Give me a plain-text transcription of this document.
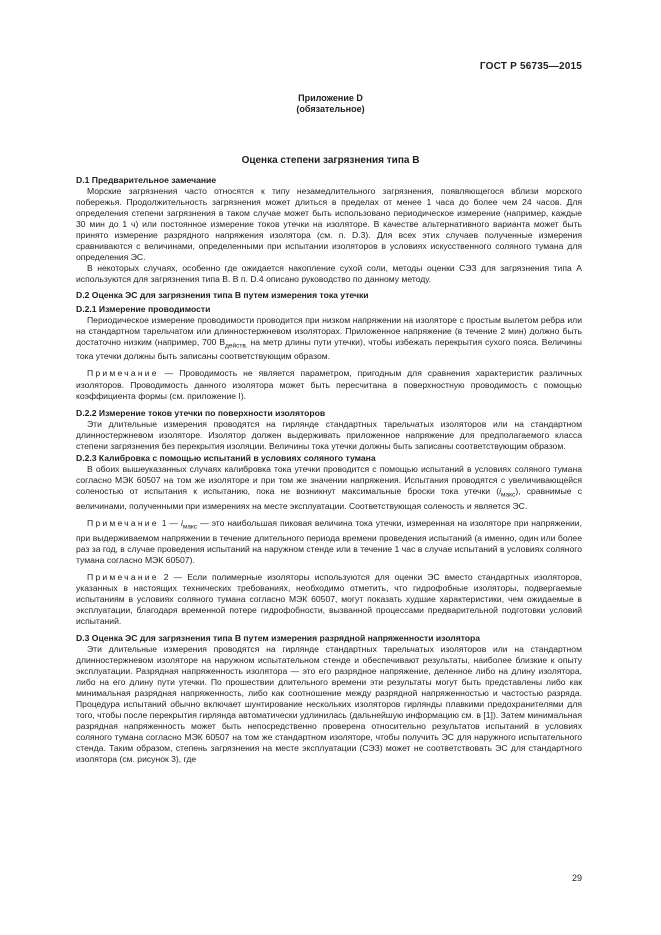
ГОСТ Р 56735—2015
Приложение D
(обязательное)
Оценка степени загрязнения типа В
D.1 Предварительное замечание

Морские загрязнения часто относятся к типу незамедлительного загрязнения, появляющегося вблизи морского побережья. Продолжительность загрязнения может длиться в пределах от менее 1 часа до более чем 24 часов. Для определения степени загрязнения в таком случае может быть использовано периодическое измерение (например, каждые 30 мин до 1 ч) или постоянное измерение токов утечки на изоляторе. В качестве альтернативного варианта может быть принято измерение разрядного напряжения изолятора (см. п. D.3). Для всех этих случаев полученные измерения сравниваются с величинами, определенными при испытании изоляторов в условиях искусственного соляного тумана для определения ЭС.

В некоторых случаях, особенно где ожидается накопление сухой соли, методы оценки СЭЗ для загрязнения типа А используются для загрязнения типа В. В п. D.4 описано руководство по данному методу.

D.2 Оценка ЭС для загрязнения типа В путем измерения тока утечки
D.2.1 Измерение проводимости

Периодическое измерение проводимости проводится при низком напряжении на изоляторе с простым вылетом ребра или на стандартном тарельчатом или длинностержневом изоляторах. Приложенное напряжение (в течение 2 мин) должно быть достаточно низким (например, 700 $В_{действ.}$ на метр длины пути утечки), чтобы избежать перекрытия сухого пояса. Величины тока утечки должны быть записаны соответствующим образом.

Примечание — Проводимость не является параметром, пригодным для сравнения характеристик различных изоляторов. Проводимость данного изолятора может быть пересчитана в поверхностную проводимость с помощью коэффициента формы (см. приложение I).

D.2.2 Измерение токов утечки по поверхности изоляторов

Эти длительные измерения проводятся на гирлянде стандартных тарельчатых изоляторов или на стандартном длинностержневом изоляторе. Изолятор должен выдерживать приложенное напряжение для предполагаемого класса степени загрязнения без перекрытия изоляции. Величины тока утечки должны быть записаны соответствующим образом.

D.2.3 Калибровка с помощью испытаний в условиях соляного тумана

В обоих вышеуказанных случаях калибровка тока утечки проводится с помощью испытаний в условиях соляного тумана согласно МЭК 60507 на том же изоляторе и при том же значении напряжения. Испытания проводятся с увеличивающейся соленостью от испытания к испытанию, пока не возникнут максимальные броски тока утечки $(i_{макс})$, сравнимые с величинами, полученными при измерениях на месте эксплуатации. Соответствующая соленость и является ЭС.

Примечание 1 — $i_{макс}$ — это наибольшая пиковая величина тока утечки, измеренная на изоляторе при напряжении, при выдерживаемом напряжении в течение длительного периода времени проведения испытаний (а именно, один или более раз за год, в случае проведения испытаний на наружном стенде или в течение 1 час в случае испытаний в условиях соляного тумана согласно МЭК 60507).

Примечание 2 — Если полимерные изоляторы используются для оценки ЭС вместо стандартных изоляторов, указанных в настоящих технических требованиях, необходимо отметить, что гидрофобные изоляторы, подвергаемые испытаниям в условиях соляного тумана согласно МЭК 60507, могут показать худшие характеристики, чем ожидаемые в эксплуатации, благодаря временной потере гидрофобности, вызванной процессами предварительной подготовки условий испытаний.

D.3 Оценка ЭС для загрязнения типа В путем измерения разрядной напряженности изолятора

Эти длительные измерения проводятся на гирлянде стандартных тарельчатых изоляторов или на стандартном длинностержневом изоляторе на наружном испытательном стенде и обеспечивают результаты, наиболее близкие к опыту эксплуатации. Разрядная напряженность изолятора — это его разрядное напряжение, деленное либо на длину изолятора, либо на его длину пути утечки. По прошествии длительного времени эти результаты могут быть представлены либо как минимальная разрядная напряженность, либо как соотношение между разрядной напряженностью и частостью разряда. Процедура испытаний обычно включает шунтирование нескольких изоляторов гирлянды плавкими предохранителями для того, чтобы после перекрытия гирлянда автоматически удлинилась (дальнейшую информацию см. в [1]). Затем минимальная разрядная напряженность может быть непосредственно проверена относительно результатов испытаний в условиях соляного тумана согласно МЭК 60507 на том же стандартном изоляторе, чтобы получить ЭС для наружного испытательного стенда. Таким образом, степень загрязнения на месте эксплуатации (СЭЗ) может не соответствовать ЭС для стандартного изолятора (см. рисунок 3), где

29
